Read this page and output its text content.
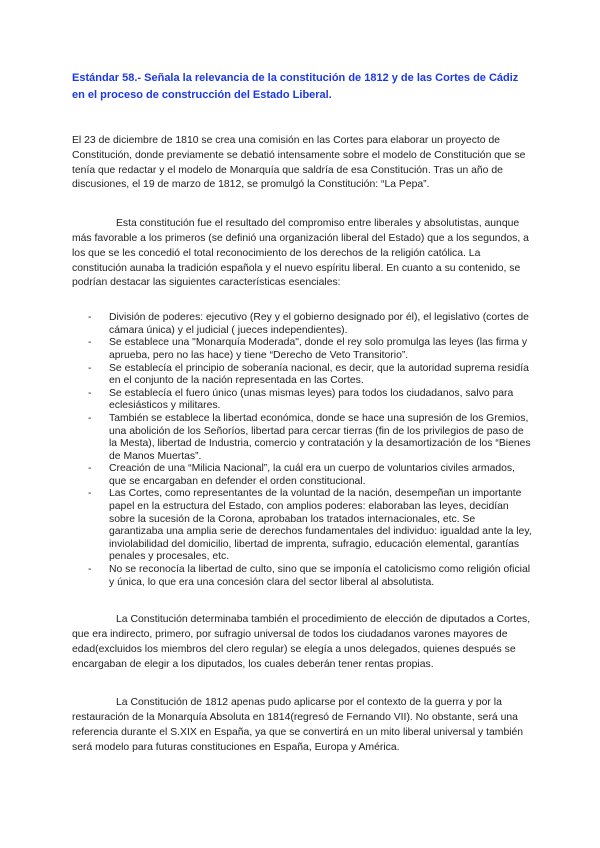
Estándar 58.- Señala la relevancia de la constitución de 1812 y de las Cortes de Cádiz en el proceso de construcción del Estado Liberal.

El 23 de diciembre de 1810 se crea una comisión en las Cortes para elaborar un proyecto de Constitución, donde previamente se debatió intensamente sobre el modelo de Constitución que se tenía que redactar y el modelo de Monarquía que saldría de esa Constitución. Tras un año de discusiones, el 19 de marzo de 1812, se promulgó la Constitución: “La Pepa”.

Esta constitución fue el resultado del compromiso entre liberales y absolutistas, aunque más favorable a los primeros (se definió una organización liberal del Estado) que a los segundos, a los que se les concedió el total reconocimiento de los derechos de la religión católica. La constitución aunaba la tradición española y el nuevo espíritu liberal. En cuanto a su contenido, se podrían destacar las siguientes características esenciales:

- División de poderes: ejecutivo (Rey y el gobierno designado por él), el legislativo (cortes de cámara única) y el judicial ( jueces independientes).
- Se establece una "Monarquía Moderada", donde el rey solo promulga las leyes (las firma y aprueba, pero no las hace) y tiene “Derecho de Veto Transitorio”.
- Se establecía el principio de soberanía nacional, es decir, que la autoridad suprema residía en el conjunto de la nación representada en las Cortes.
- Se establecía el fuero único (unas mismas leyes) para todos los ciudadanos, salvo para eclesiásticos y militares.
- También se establece la libertad económica, donde se hace una supresión de los Gremios, una abolición de los Señoríos, libertad para cercar tierras (fin de los privilegios de paso de la Mesta), libertad de Industria, comercio y contratación y la desamortización de los “Bienes de Manos Muertas”.
- Creación de una “Milicia Nacional”, la cuál era un cuerpo de voluntarios civiles armados, que se encargaban en defender el orden constitucional.
- Las Cortes, como representantes de la voluntad de la nación, desempeñan un importante papel en la estructura del Estado, con amplios poderes: elaboraban las leyes, decidían sobre la sucesión de la Corona, aprobaban los tratados internacionales, etc. Se garantizaba una amplia serie de derechos fundamentales del individuo: igualdad ante la ley, inviolabilidad del domicilio, libertad de imprenta, sufragio, educación elemental, garantías penales y procesales, etc.
- No se reconocía la libertad de culto, sino que se imponía el catolicismo como religión oficial y única, lo que era una concesión clara del sector liberal al absolutista.

La Constitución determinaba también el procedimiento de elección de diputados a Cortes, que era indirecto, primero, por sufragio universal de todos los ciudadanos varones mayores de edad(excluidos los miembros del clero regular) se elegía a unos delegados, quienes después se encargaban de elegir a los diputados, los cuales deberán tener rentas propias.

La Constitución de 1812 apenas pudo aplicarse por el contexto de la guerra y por la restauración de la Monarquía Absoluta en 1814(regresó de Fernando VII). No obstante, será una referencia durante el S.XIX en España, ya que se convertirá en un mito liberal universal y también será modelo para futuras constituciones en España, Europa y América.
